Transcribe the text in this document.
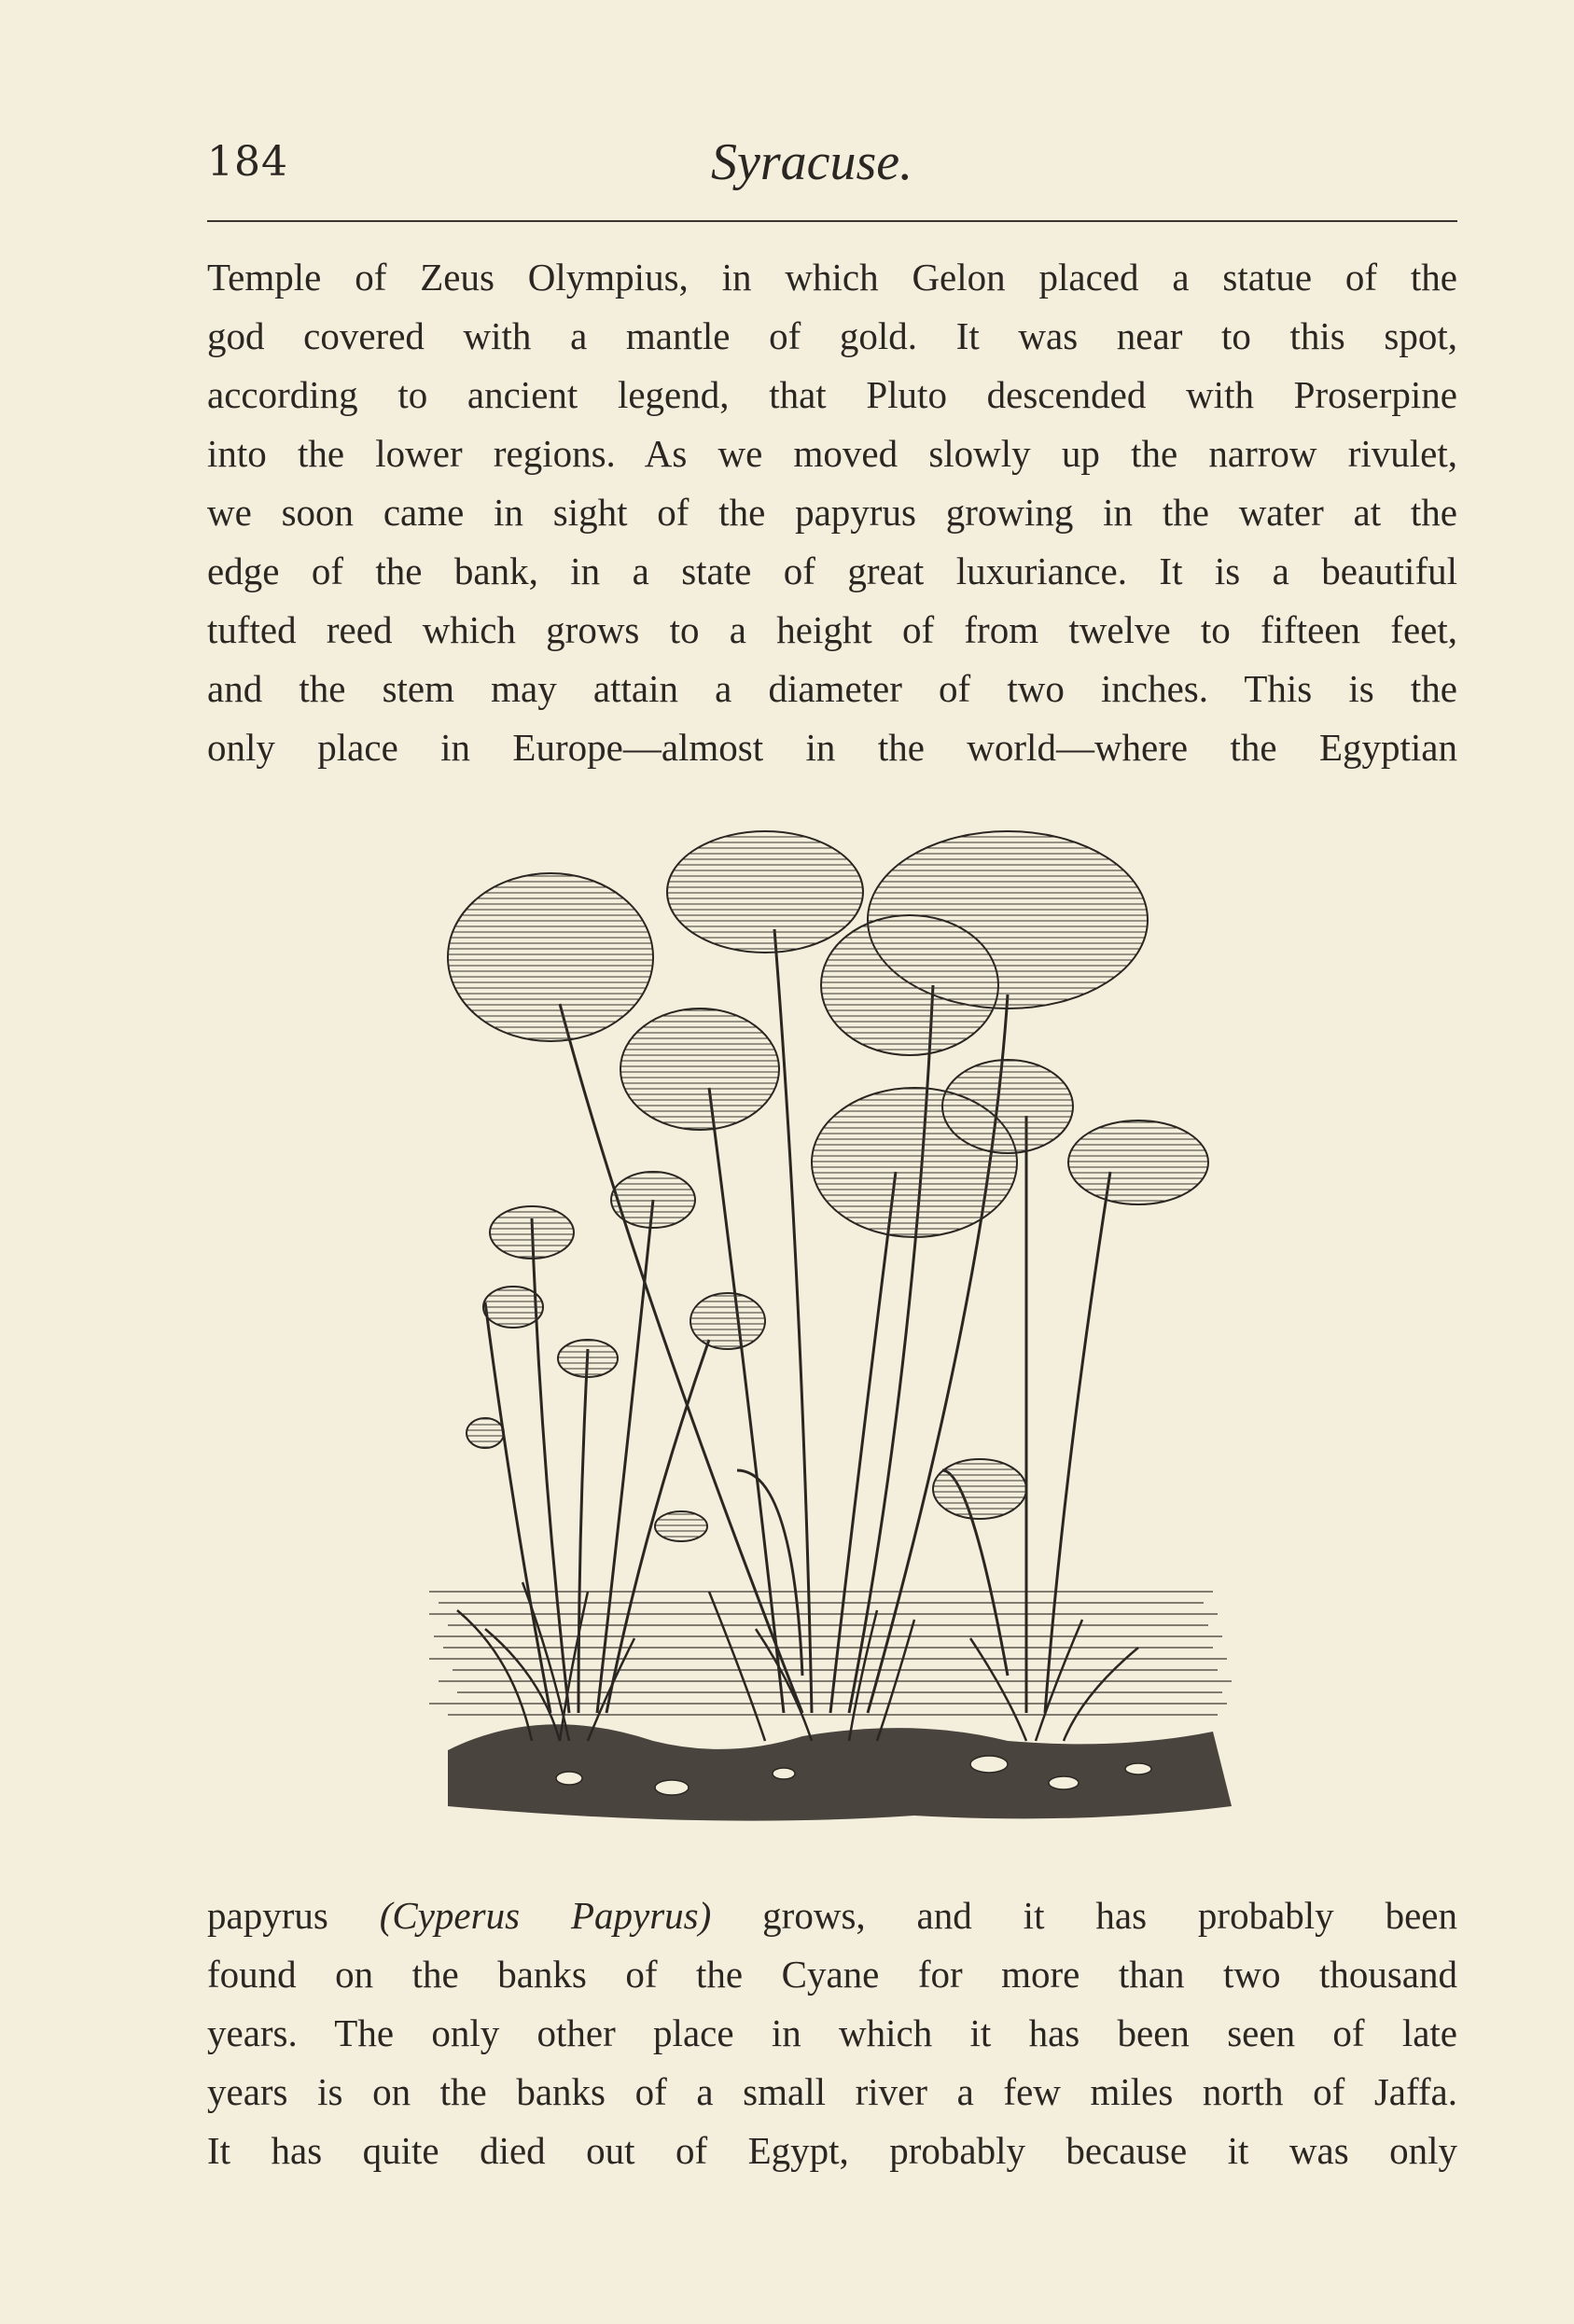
184	Syracuse.
Temple of Zeus Olympius, in which Gelon placed a statue of the
god covered with a mantle of gold. It was near to this spot,
according to ancient legend, that Pluto descended with Proserpine
into the lower regions. As we moved slowly up the narrow rivulet,
we soon came in sight of the papyrus growing in the water at the
edge of the bank, in a state of great luxuriance. It is a beautiful
tufted reed which grows to a height of from twelve to fifteen feet,
and the stem may attain a diameter of two inches. This is the
only place in Europe—almost in the world—where the Egyptian
papyrus (Cyperus Papyrus) grows, and it has probably been
found on the banks of the Cyane for more than two thousand
years. The only other place in which it has been seen of late
years is on the banks of a small river a few miles north of Jaffa.
It has quite died out of Egypt, probably because it was only
